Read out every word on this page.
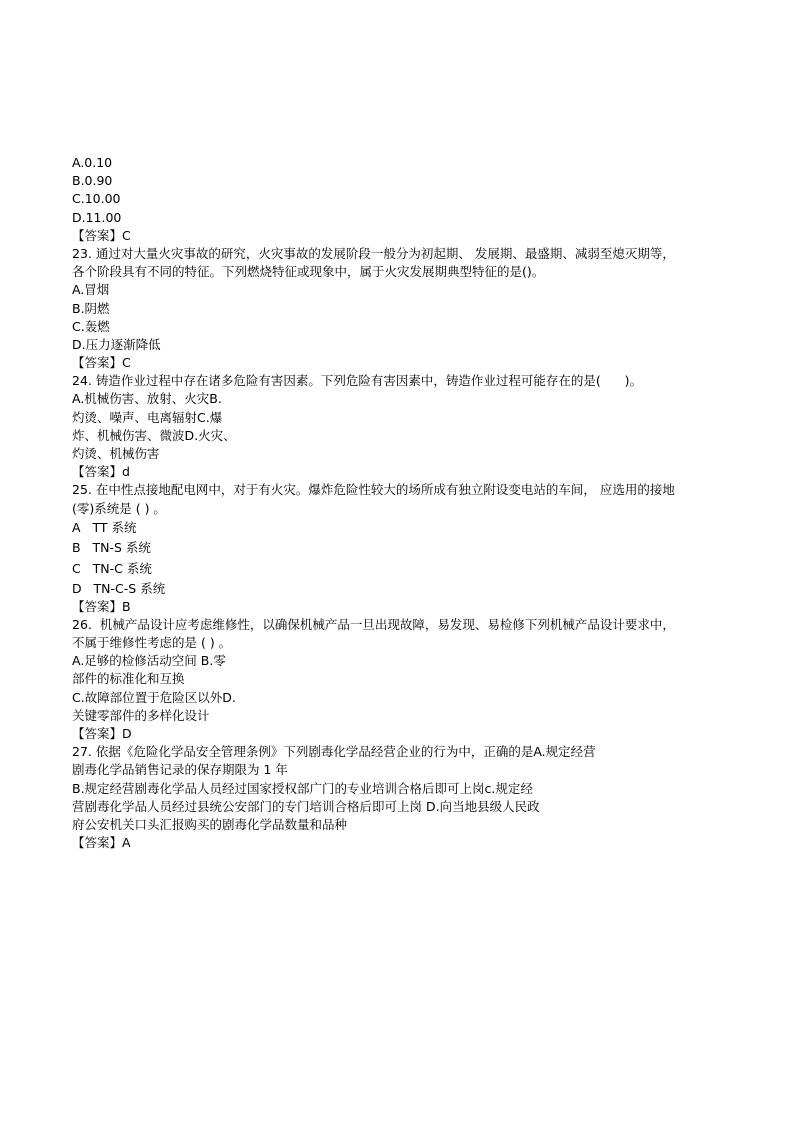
A.0.10
B.0.90
C.10.00
D.11.00
【答案】C
23. 通过对大量火灾事故的研究，火灾事故的发展阶段一般分为初起期、 发展期、最盛期、减弱至熄灭期等，
各个阶段具有不同的特征。下列燃烧特征或现象中，属于火灾发展期典型特征的是()。
A.冒烟
B.阴燃
C.轰燃
D.压力逐渐降低
【答案】C
24. 铸造作业过程中存在诸多危险有害因素。下列危险有害因素中，铸造作业过程可能存在的是(      )。
A.机械伤害、放射、火灾B.
灼烫、噪声、电离辐射C.爆
炸、机械伤害、微波D.火灾、
灼烫、机械伤害
【答案】d
25. 在中性点接地配电网中，对于有火灾。爆炸危险性较大的场所成有独立附设变电站的车间， 应选用的接地
(零)系统是 ( ) 。
A   TT 系统
B   TN-S 系统
C   TN-C 系统
D   TN-C-S 系统
【答案】B
26.  机械产品设计应考虑维修性，以确保机械产品一旦出现故障，易发现、易检修下列机械产品设计要求中，
不属于维修性考虑的是 ( ) 。
A.足够的检修活动空间 B.零
部件的标准化和互换
C.故障部位置于危险区以外D.
关键零部件的多样化设计
【答案】D
27. 依据《危险化学品安全管理条例》下列剧毒化学品经营企业的行为中，正确的是A.规定经营
剧毒化学品销售记录的保存期限为 1 年
B.规定经营剧毒化学品人员经过国家授权部广门的专业培训合格后即可上岗c.规定经
营剧毒化学品人员经过县统公安部门的专门培训合格后即可上岗 D.向当地县级人民政
府公安机关口头汇报购买的剧毒化学品数量和品种
【答案】A
